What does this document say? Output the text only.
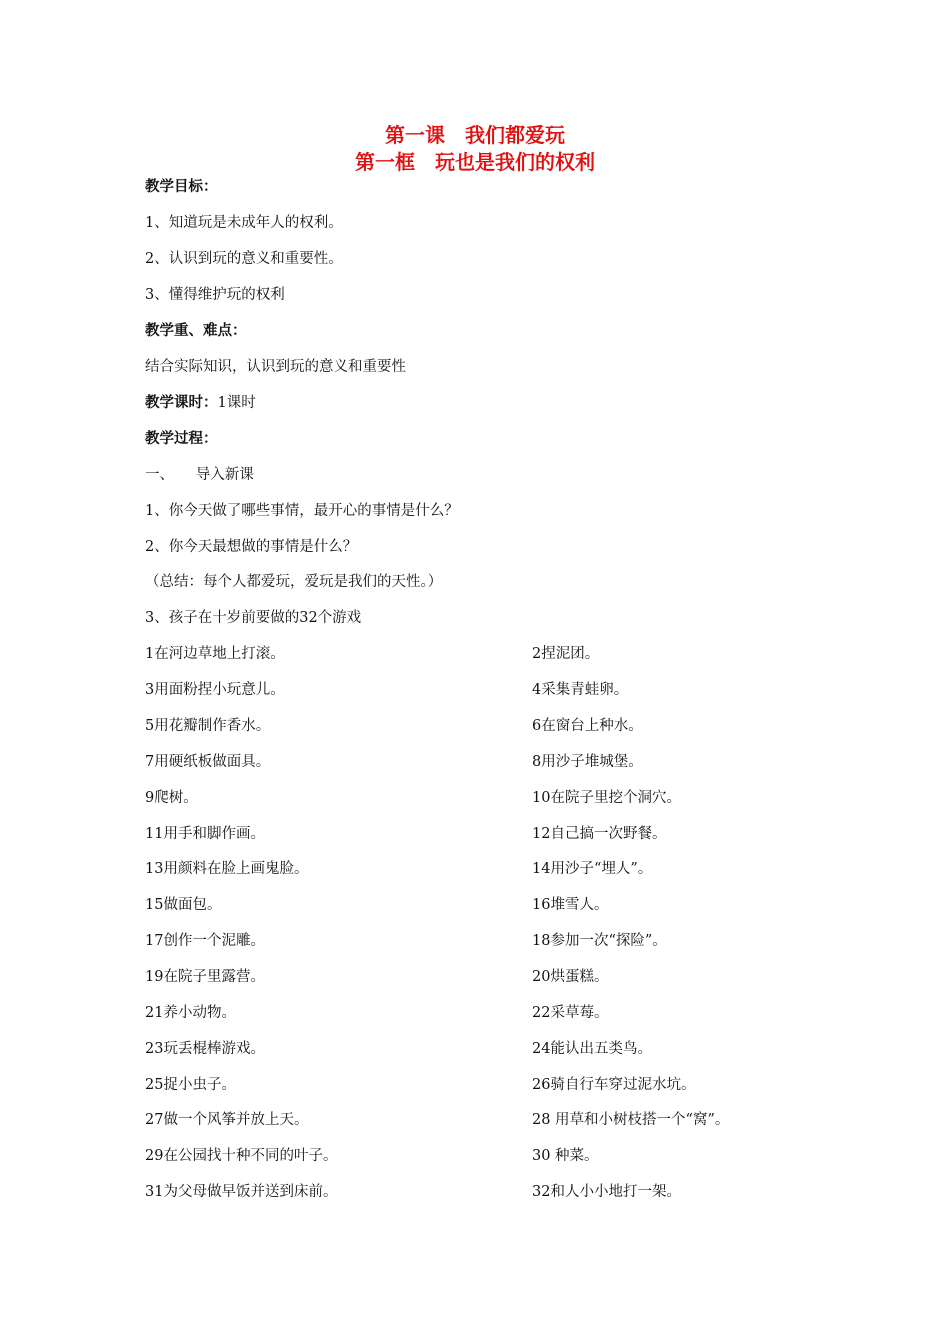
第一课　我们都爱玩
第一框　玩也是我们的权利
教学目标：
1、知道玩是未成年人的权利。
2、认识到玩的意义和重要性。
3、懂得维护玩的权利
教学重、难点：
结合实际知识，认识到玩的意义和重要性
教学课时：1课时
教学过程：
一、　　导入新课
1、你今天做了哪些事情，最开心的事情是什么？
2、你今天最想做的事情是什么？
（总结：每个人都爱玩，爱玩是我们的天性。）
3、孩子在十岁前要做的32个游戏
1在河边草地上打滚。	2捏泥团。
3用面粉捏小玩意儿。	4采集青蛙卵。
5用花瓣制作香水。	6在窗台上种水。
7用硬纸板做面具。	8用沙子堆城堡。
9爬树。	10在院子里挖个洞穴。
11用手和脚作画。	12自己搞一次野餐。
13用颜料在脸上画鬼脸。	14用沙子“埋人”。
15做面包。	16堆雪人。
17创作一个泥雕。	18参加一次“探险”。
19在院子里露营。	20烘蛋糕。
21养小动物。	22采草莓。
23玩丢棍棒游戏。	24能认出五类鸟。
25捉小虫子。	26骑自行车穿过泥水坑。
27做一个风筝并放上天。	28 用草和小树枝搭一个“窝”。
29在公园找十种不同的叶子。	30 种菜。
31为父母做早饭并送到床前。	32和人小小地打一架。
